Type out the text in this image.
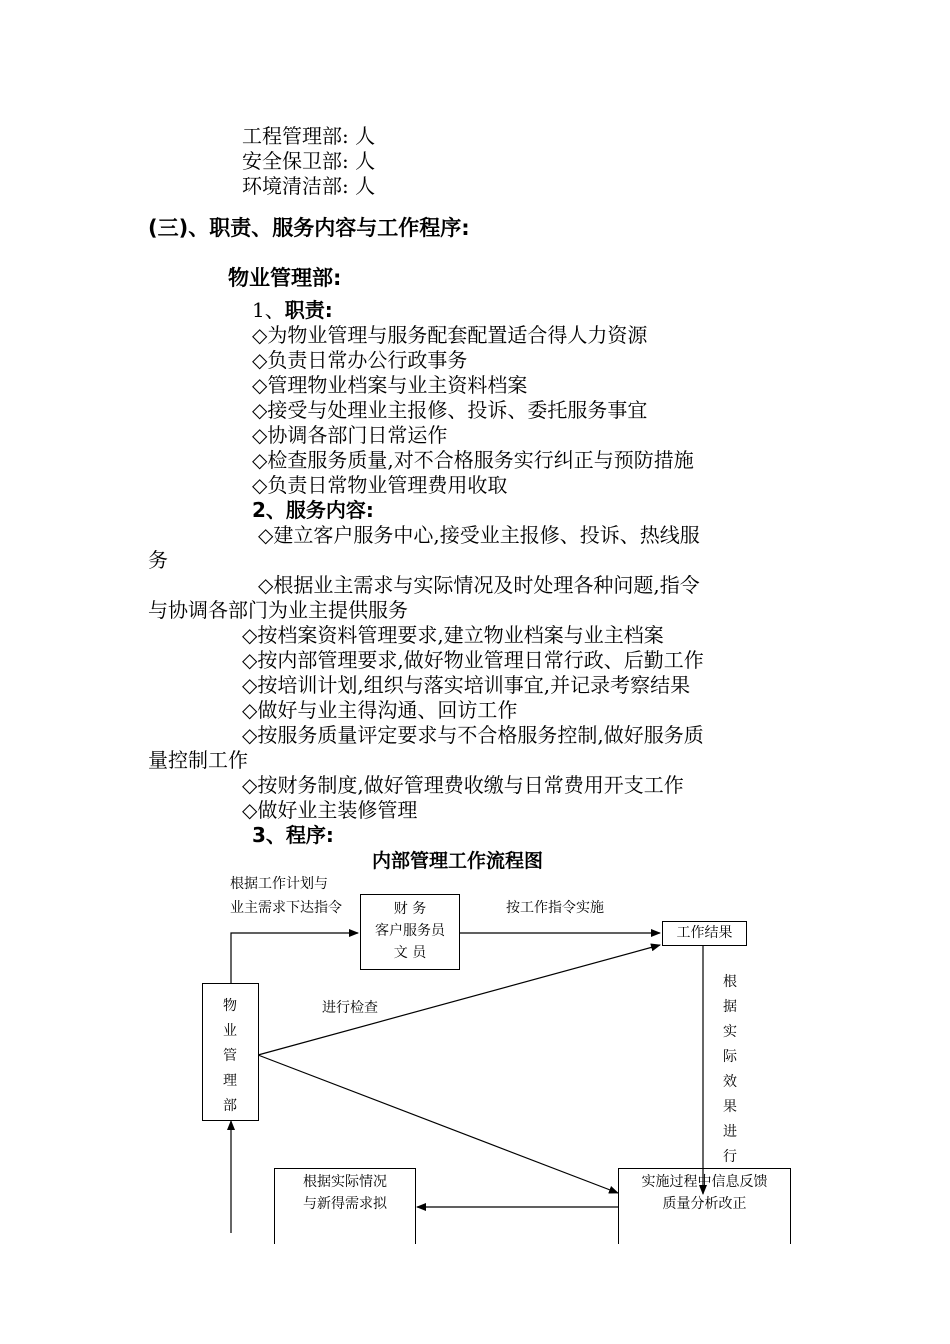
工程管理部: 人
安全保卫部: 人
环境清洁部: 人
(三)、职责、服务内容与工作程序:
物业管理部:
1、职责:
◇为物业管理与服务配套配置适合得人力资源
◇负责日常办公行政事务
◇管理物业档案与业主资料档案
◇接受与处理业主报修、投诉、委托服务事宜
◇协调各部门日常运作
◇检查服务质量,对不合格服务实行纠正与预防措施
◇负责日常物业管理费用收取
2、服务内容:
◇建立客户服务中心,接受业主报修、投诉、热线服
务
◇根据业主需求与实际情况及时处理各种问题,指令
与协调各部门为业主提供服务
◇按档案资料管理要求,建立物业档案与业主档案
◇按内部管理要求,做好物业管理日常行政、后勤工作
◇按培训计划,组织与落实培训事宜,并记录考察结果
◇做好与业主得沟通、回访工作
◇按服务质量评定要求与不合格服务控制,做好服务质
量控制工作
◇按财务制度,做好管理费收缴与日常费用开支工作
◇做好业主装修管理
3、程序:
内部管理工作流程图
根据工作计划与
业主需求下达指令	财 务
客户服务员
文 员
按工作指令实施
工作结果
物业管理部
进行检查
根据实际效果进行
根据实际情况
与新得需求拟
实施过程中信息反馈
质量分析改正
